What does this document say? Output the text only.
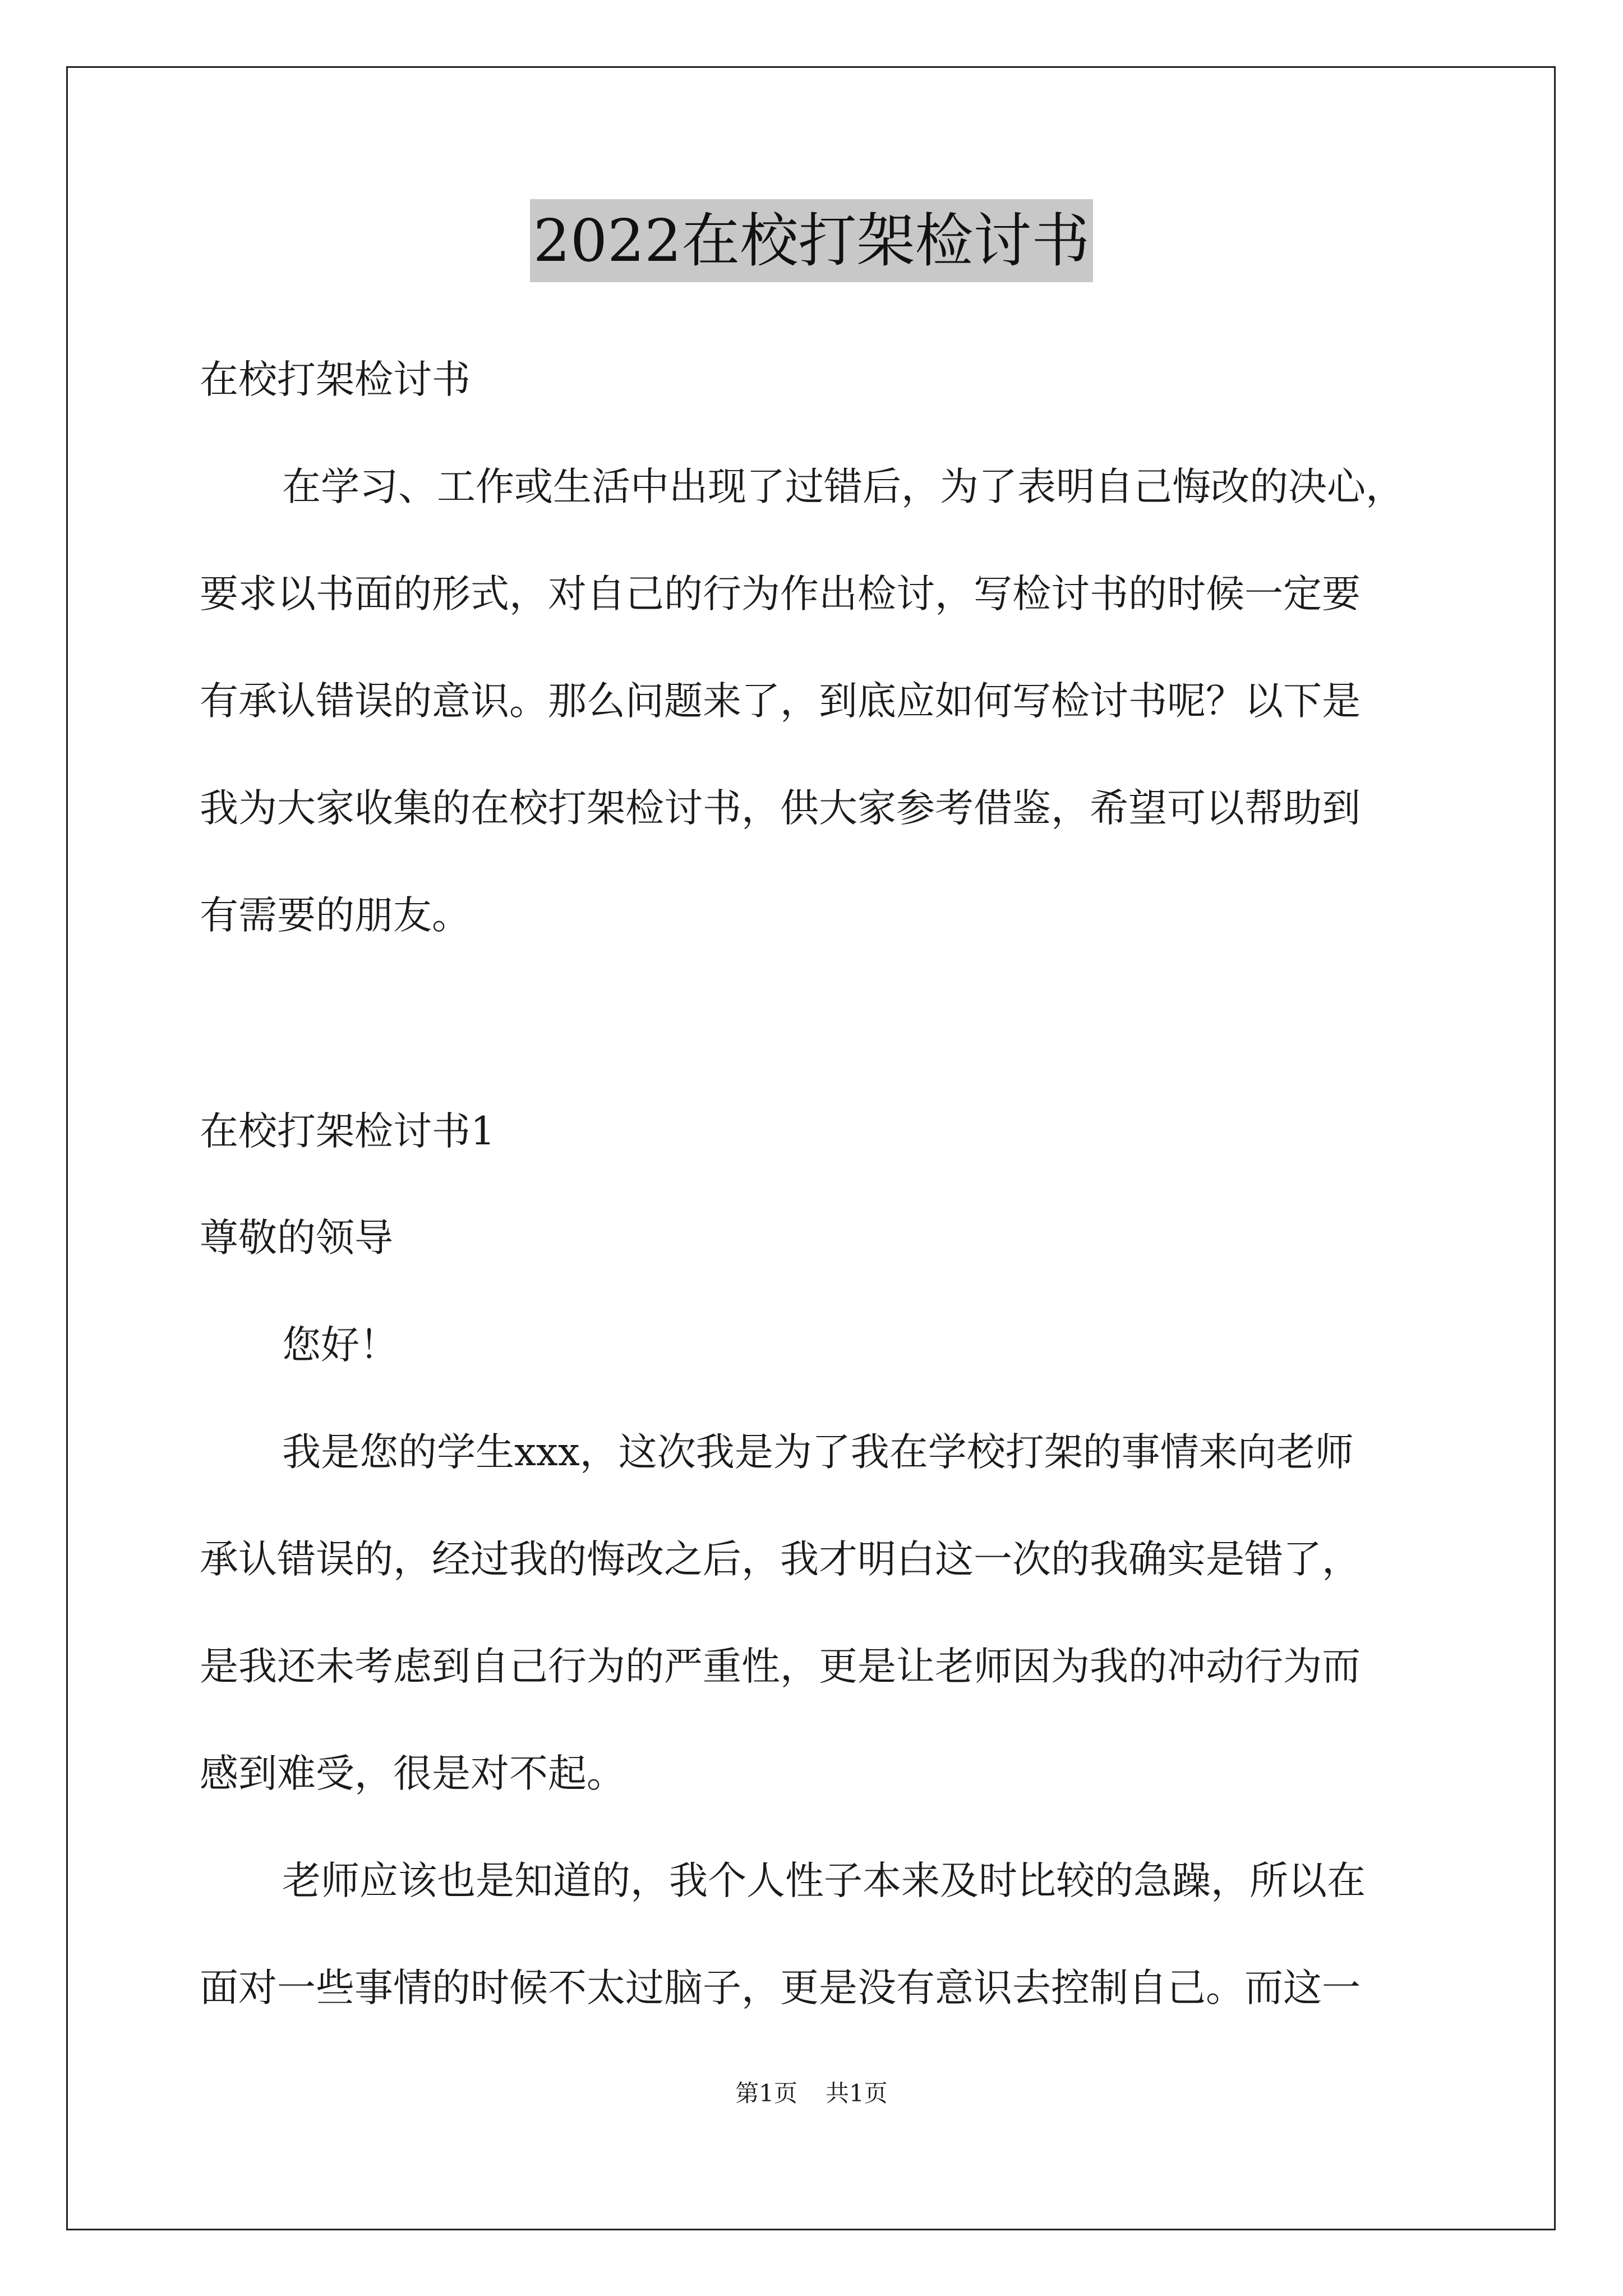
2022在校打架检讨书
在校打架检讨书
在学习、工作或生活中出现了过错后，为了表明自己悔改的决心，
要求以书面的形式，对自己的行为作出检讨，写检讨书的时候一定要
有承认错误的意识。那么问题来了，到底应如何写检讨书呢？以下是
我为大家收集的在校打架检讨书，供大家参考借鉴，希望可以帮助到
有需要的朋友。
在校打架检讨书1
尊敬的领导
您好！
我是您的学生xxx，这次我是为了我在学校打架的事情来向老师
承认错误的，经过我的悔改之后，我才明白这一次的我确实是错了，
是我还未考虑到自己行为的严重性，更是让老师因为我的冲动行为而
感到难受，很是对不起。
老师应该也是知道的，我个人性子本来及时比较的急躁，所以在
面对一些事情的时候不太过脑子，更是没有意识去控制自己。而这一
第1页 共1页
